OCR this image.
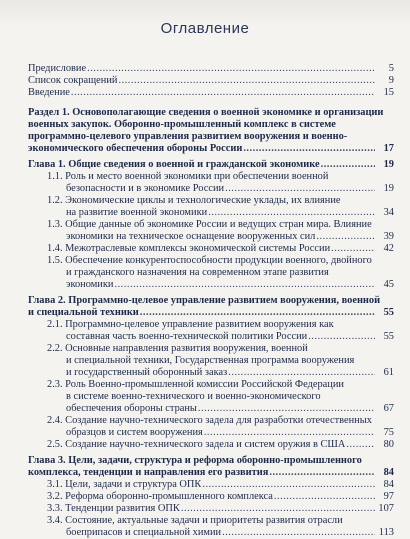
Оглавление
Предисловие .....	5
Список сокращений .....	9
Введение .....	15
Раздел 1. Основополагающие сведения о военной экономике и организации
военных закупок. Оборонно-промышленный комплекс в системе
программно-целевого управления развитием вооружения и военно-
экономического обеспечения обороны России .....	17
Глава 1. Общие сведения о военной и гражданской экономике .....	19
1.1. Роль и место военной экономики при обеспечении военной
безопасности и в экономике России .....	19
1.2. Экономические циклы и технологические уклады, их влияние
на развитие военной экономики .....	34
1.3. Общие данные об экономике России и ведущих стран мира. Влияние
экономики на техническое оснащение вооруженных сил .....	39
1.4. Межотраслевые комплексы экономической системы России .....	42
1.5. Обеспечение конкурентоспособности продукции военного, двойного
и гражданского назначения на современном этапе развития
экономики .....	45
Глава 2. Программно-целевое управление развитием вооружения, военной
и специальной техники .....	55
2.1. Программно-целевое управление развитием вооружения как
составная часть военно-технической политики России .....	55
2.2. Основные направления развития вооружения, военной
и специальной техники, Государственная программа вооружения
и государственный оборонный заказ .....	61
2.3. Роль Военно-промышленной комиссии Российской Федерации
в системе военно-технического и военно-экономического
обеспечения обороны страны .....	67
2.4. Создание научно-технического задела для разработки отечественных
образцов и систем вооружения .....	75
2.5. Создание научно-технического задела и систем оружия в США .....	80
Глава 3. Цели, задачи, структура и реформа оборонно-промышленного
комплекса, тенденции и направления его развития .....	84
3.1. Цели, задачи и структура ОПК .....	84
3.2. Реформа оборонно-промышленного комплекса .....	97
3.3. Тенденции развития ОПК .....	107
3.4. Состояние, актуальные задачи и приоритеты развития отрасли
боеприпасов и специальной химии .....	113
